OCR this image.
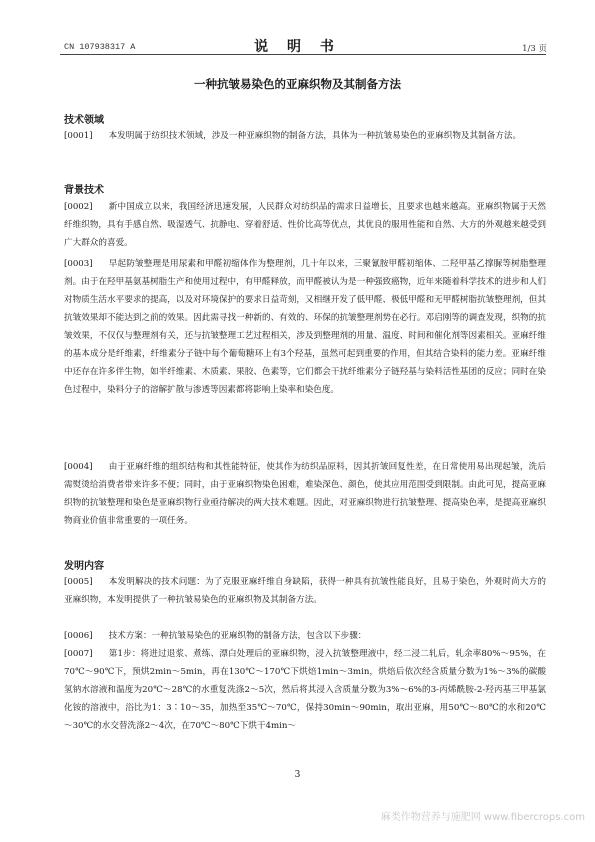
CN 107938317 A	说 明 书	1/3 页
一种抗皱易染色的亚麻织物及其制备方法
技术领域
[0001] 本发明属于纺织技术领域，涉及一种亚麻织物的制备方法，具体为一种抗皱易染色的亚麻织物及其制备方法。
背景技术
[0002] 新中国成立以来，我国经济迅速发展，人民群众对纺织品的需求日益增长，且要求也越来越高。亚麻织物属于天然纤维织物，具有手感自然、吸湿透气、抗静电、穿着舒适、性价比高等优点，其优良的服用性能和自然、大方的外观越来越受到广大群众的喜爱。
[0003] 早起防皱整理是用尿素和甲醛初缩体作为整理剂，几十年以来，三聚氰胺甲醛初缩体、二羟甲基乙撑脲等树脂整理剂。由于在羟甲基氨基树脂生产和使用过程中，有甲醛释放，而甲醛被认为是一种强致癌物，近年来随着科学技术的进步和人们对物质生活水平要求的提高，以及对环境保护的要求日益苛刻，又相继开发了低甲醛、极低甲醛和无甲醛树脂抗皱整理剂，但其抗皱效果却不能达到之前的效果。因此需寻找一种新的、有效的、环保的抗皱整理剂势在必行。邓启刚等的调查发现，织物的抗皱效果，不仅仅与整理剂有关，还与抗皱整理工艺过程相关，涉及到整理剂的用量、温度、时间和催化剂等因素相关。亚麻纤维的基本成分是纤维素，纤维素分子链中每个葡萄糖环上有3个羟基，虽然可起到重要的作用，但其结合染料的能力差。亚麻纤维中还存在许多伴生物，如半纤维素、木质素、果胶、色素等，它们都会干扰纤维素分子链羟基与染料活性基团的反应；同时在染色过程中，染料分子的溶解扩散与渗透等因素都将影响上染率和染色度。
[0004] 由于亚麻纤维的组织结构和其性能特征，使其作为纺织品原料，因其折皱回复性差，在日常使用易出现起皱，洗后需熨烫给消费者带来许多不便；同时，由于亚麻织物染色困难，难染深色、颜色，使其应用范围受到限制。由此可见，提高亚麻织物的抗皱整理和染色是亚麻织物行业亟待解决的两大技术难题。因此，对亚麻织物进行抗皱整理、提高染色率，是提高亚麻织物商业价值非常重要的一项任务。
发明内容
[0005] 本发明解决的技术问题：为了克服亚麻纤维自身缺陷，获得一种具有抗皱性能良好，且易于染色，外观时尚大方的亚麻织物，本发明提供了一种抗皱易染色的亚麻织物及其制备方法。
[0006] 技术方案：一种抗皱易染色的亚麻织物的制备方法，包含以下步骤：
[0007] 第1步：将进过退浆、煮练、漂白处理后的亚麻织物，浸入抗皱整理液中，经二浸二轧后，轧余率80%～95%，在70℃～90℃下，预烘2min～5min，再在130℃～170℃下烘焙1min～3min，烘焙后依次经含质量分数为1%～3%的碳酸氢钠水溶液和温度为20℃～28℃的水重复洗涤2～5次，然后将其浸入含质量分数为3%～6%的3-丙烯酰胺-2-羟丙基三甲基氯化铵的溶液中，浴比为1：3∶10～35，加热至35℃～70℃，保持30min～90min，取出亚麻，用50℃～80℃的水和20℃～30℃的水交替洗涤2～4次，在70℃～80℃下烘干4min～
3
麻类作物营养与施肥网 www.fibercrops.com
